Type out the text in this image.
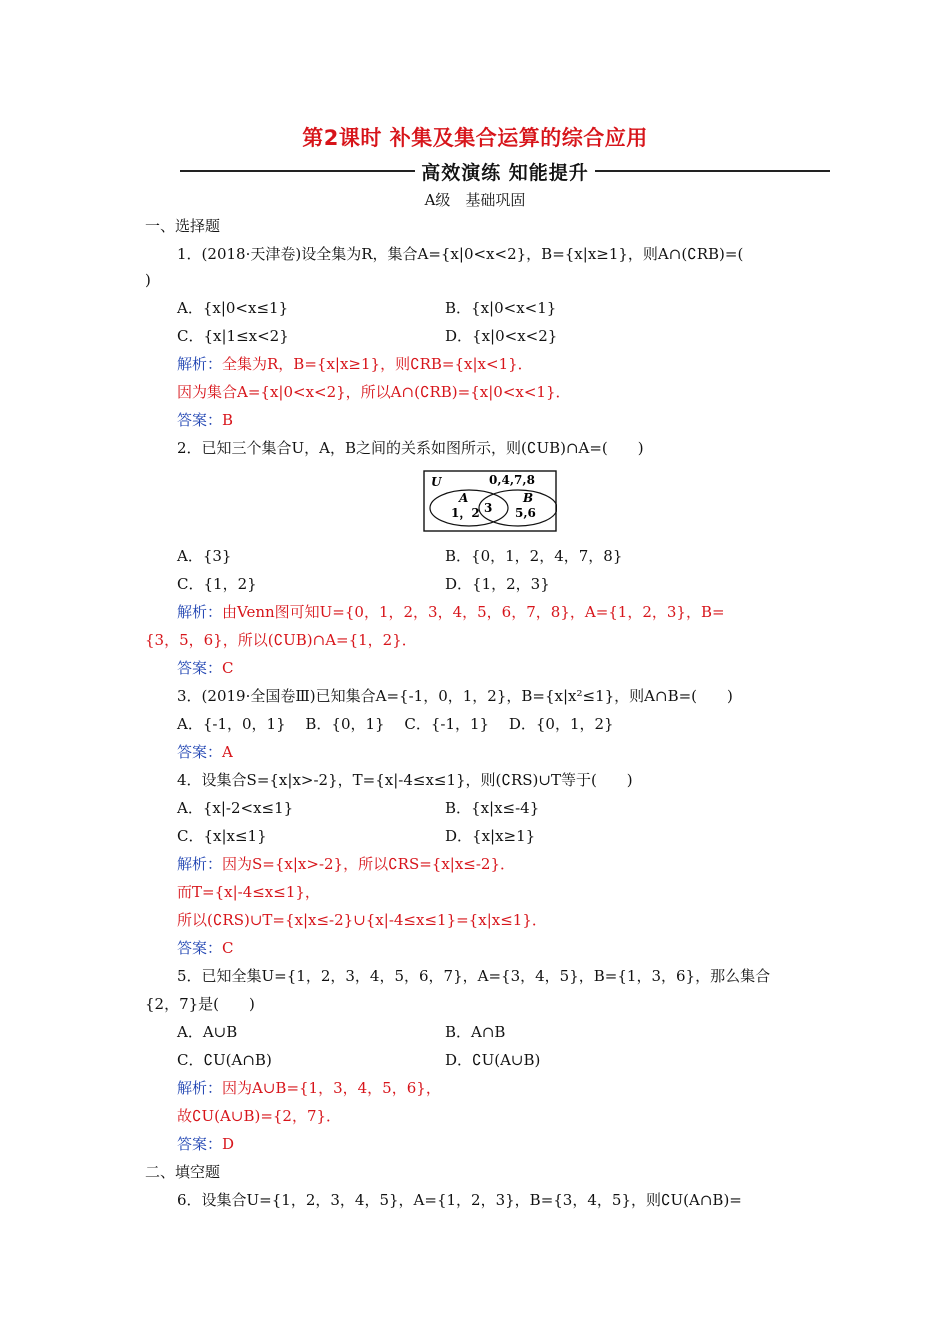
第2课时 补集及集合运算的综合应用
高效演练 知能提升
A级　基础巩固
一、选择题
1．(2018·天津卷)设全集为R，集合A={x|0<x<2}，B={x|x≥1}，则A∩(∁RB)=(
)
A．{x|0<x≤1}	B．{x|0<x<1}
C．{x|1≤x<2}	D．{x|0<x<2}
解析：全集为R，B={x|x≥1}，则∁RB={x|x<1}．
因为集合A={x|0<x<2}，所以A∩(∁RB)={x|0<x<1}．
答案：B
2．已知三个集合U，A，B之间的关系如图所示，则(∁UB)∩A=(　　)
U	0,4,7,8
A
1，2 3
B
5,6
A．{3}	B．{0，1，2，4，7，8}
C．{1，2}	D．{1，2，3}
解析：由Venn图可知U={0，1，2，3，4，5，6，7，8}，A={1，2，3}，B=
{3，5，6}，所以(∁UB)∩A={1，2}．
答案：C
3．(2019·全国卷Ⅲ)已知集合A={-1，0，1，2}，B={x|x²≤1}，则A∩B=(　　)
A．{-1，0，1}　 B．{0，1}　 C．{-1，1}　 D．{0，1，2}
答案：A
4．设集合S={x|x>-2}，T={x|-4≤x≤1}，则(∁RS)∪T等于(　　)
A．{x|-2<x≤1}	B．{x|x≤-4}
C．{x|x≤1}	D．{x|x≥1}
解析：因为S={x|x>-2}，所以∁RS={x|x≤-2}．
而T={x|-4≤x≤1}，
所以(∁RS)∪T={x|x≤-2}∪{x|-4≤x≤1}={x|x≤1}．
答案：C
5．已知全集U={1，2，3，4，5，6，7}，A={3，4，5}，B={1，3，6}，那么集合
{2，7}是(　　)
A．A∪B	B．A∩B
C．∁U(A∩B)	D．∁U(A∪B)
解析：因为A∪B={1，3，4，5，6}，
故∁U(A∪B)={2，7}．
答案：D
二、填空题
6．设集合U={1，2，3，4，5}，A={1，2，3}，B={3，4，5}，则∁U(A∩B)=
